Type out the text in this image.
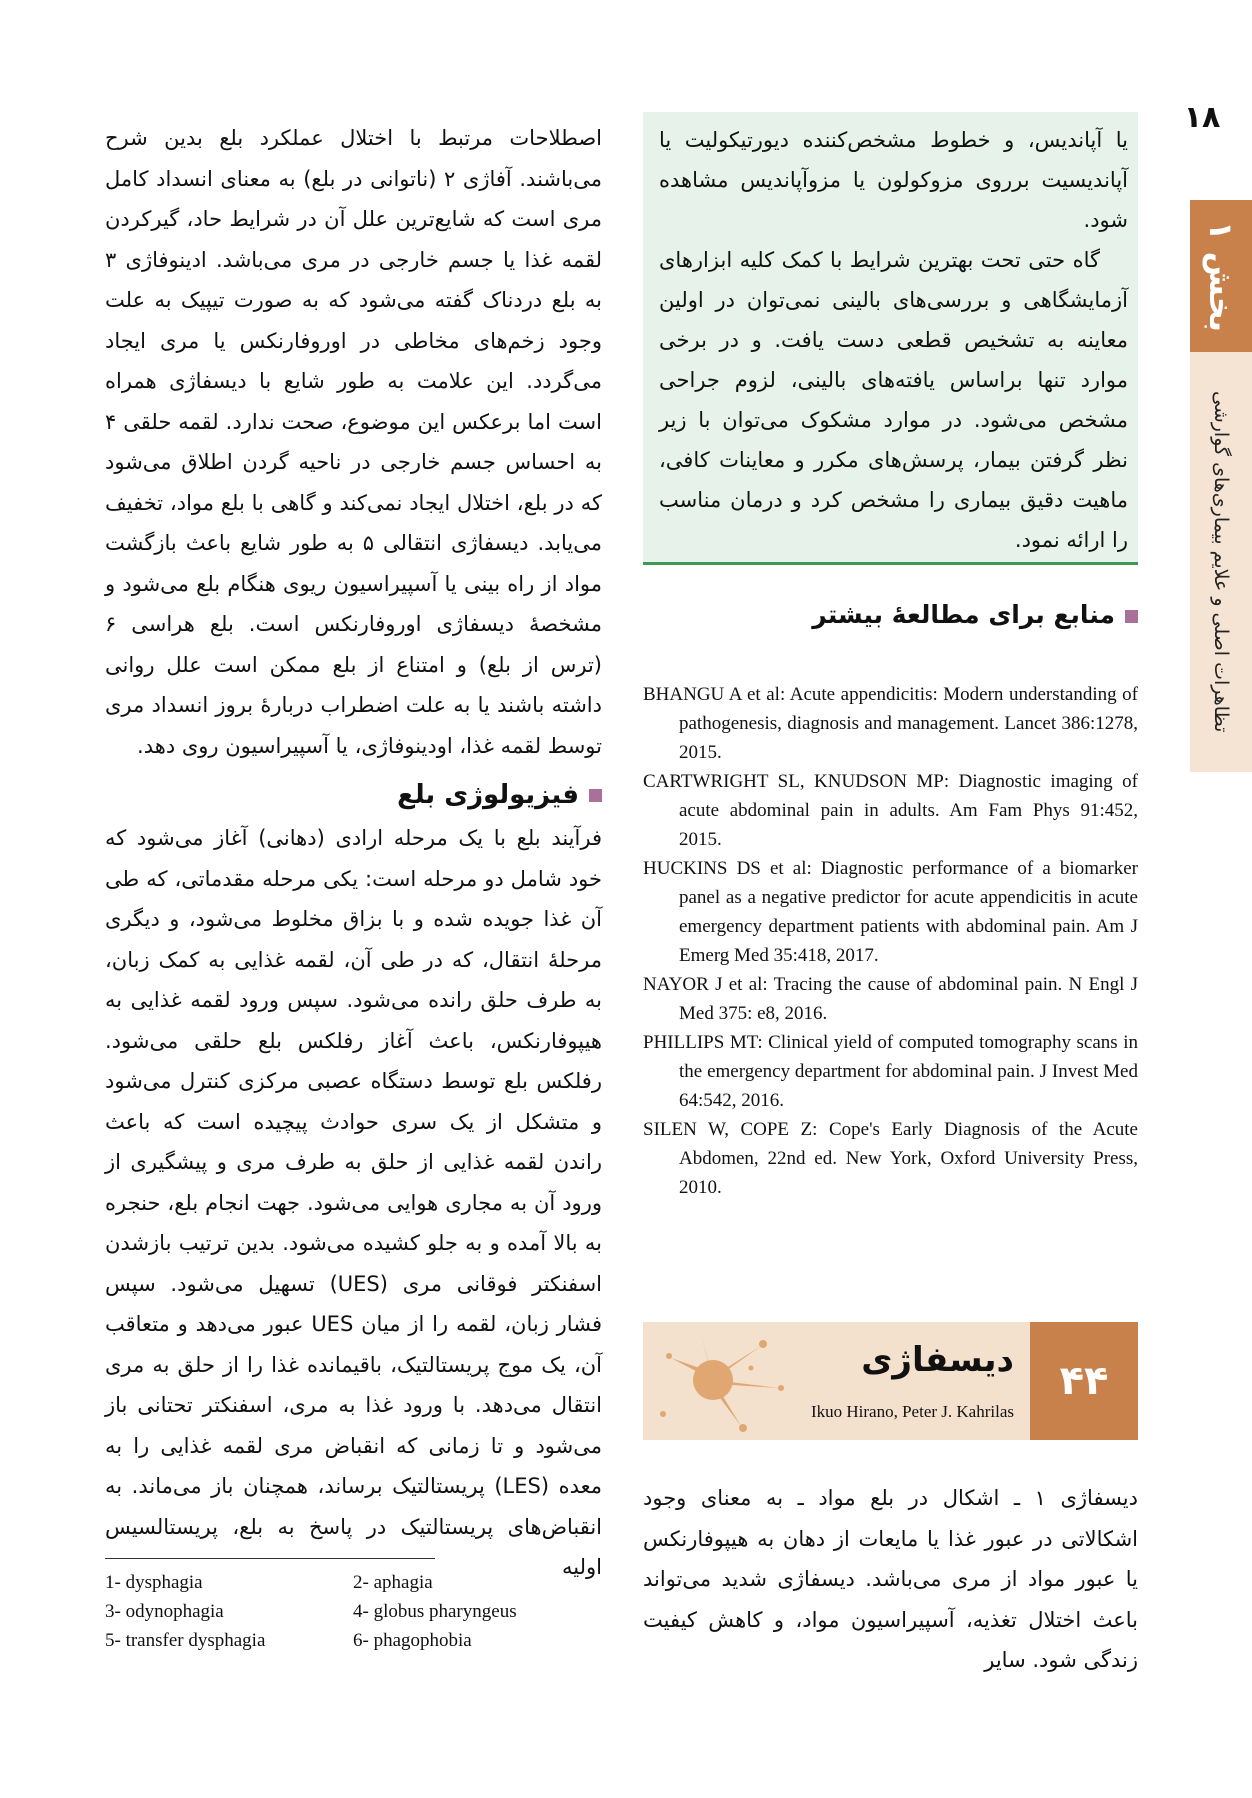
۱۸
بخش ۱
تظاهرات اصلی و علایم بیماری‌های گوارشی

یا آپاندیس، و خطوط مشخص‌کننده دیورتیکولیت یا آپاندیسیت برروی مزوکولون یا مزوآپاندیس مشاهده شود.

گاه حتی تحت بهترین شرایط با کمک کلیه ابزارهای آزمایشگاهی و بررسی‌های بالینی نمی‌توان در اولین معاینه به تشخیص قطعی دست یافت. و در برخی موارد تنها براساس یافته‌های بالینی، لزوم جراحی مشخص می‌شود. در موارد مشکوک می‌توان با زیر نظر گرفتن بیمار، پرسش‌های مکرر و معاینات کافی، ماهیت دقیق بیماری را مشخص کرد و درمان مناسب را ارائه نمود.

منابع برای مطالعهٔ بیشتر

BHANGU A et al: Acute appendicitis: Modern understanding of pathogenesis, diagnosis and management. Lancet 386:1278, 2015.

CARTWRIGHT SL, KNUDSON MP: Diagnostic imaging of acute abdominal pain in adults. Am Fam Phys 91:452, 2015.

HUCKINS DS et al: Diagnostic performance of a biomarker panel as a negative predictor for acute appendicitis in acute emergency department patients with abdominal pain. Am J Emerg Med 35:418, 2017.

NAYOR J et al: Tracing the cause of abdominal pain. N Engl J Med 375: e8, 2016.

PHILLIPS MT: Clinical yield of computed tomography scans in the emergency department for abdominal pain. J Invest Med 64:542, 2016.

SILEN W, COPE Z: Cope's Early Diagnosis of the Acute Abdomen, 22nd ed. New York, Oxford University Press, 2010.

دیسفاژی
Ikuo Hirano, Peter J. Kahrilas
۴۴

دیسفاژی ۱ ـ اشکال در بلع مواد ـ به معنای وجود اشکالاتی در عبور غذا یا مایعات از دهان به هیپوفارنکس یا عبور مواد از مری می‌باشد. دیسفاژی شدید می‌تواند باعث اختلال تغذیه، آسپیراسیون مواد، و کاهش کیفیت زندگی شود. سایر

اصطلاحات مرتبط با اختلال عملکرد بلع بدین شرح می‌باشند. آفاژی ۲ (ناتوانی در بلع) به معنای انسداد کامل مری است که شایع‌ترین علل آن در شرایط حاد، گیرکردن لقمه غذا یا جسم خارجی در مری می‌باشد. ادینوفاژی ۳ به بلع دردناک گفته می‌شود که به صورت تیپیک به علت وجود زخم‌های مخاطی در اوروفارنکس یا مری ایجاد می‌گردد. این علامت به طور شایع با دیسفاژی همراه است اما برعکس این موضوع، صحت ندارد. لقمه حلقی ۴ به احساس جسم خارجی در ناحیه گردن اطلاق می‌شود که در بلع، اختلال ایجاد نمی‌کند و گاهی با بلع مواد، تخفیف می‌یابد. دیسفاژی انتقالی ۵ به طور شایع باعث بازگشت مواد از راه بینی یا آسپیراسیون ریوی هنگام بلع می‌شود و مشخصهٔ دیسفاژی اوروفارنکس است. بلع هراسی ۶ (ترس از بلع) و امتناع از بلع ممکن است علل روانی داشته باشند یا به علت اضطراب دربارهٔ بروز انسداد مری توسط لقمه غذا، اودینوفاژی، یا آسپیراسیون روی دهد.

فیزیولوژی بلع

فرآیند بلع با یک مرحله ارادی (دهانی) آغاز می‌شود که خود شامل دو مرحله است: یکی مرحله مقدماتی، که طی آن غذا جویده شده و با بزاق مخلوط می‌شود، و دیگری مرحلهٔ انتقال، که در طی آن، لقمه غذایی به کمک زبان، به طرف حلق رانده می‌شود. سپس ورود لقمه غذایی به هیپوفارنکس، باعث آغاز رفلکس بلع حلقی می‌شود. رفلکس بلع توسط دستگاه عصبی مرکزی کنترل می‌شود و متشکل از یک سری حوادث پیچیده است که باعث راندن لقمه غذایی از حلق به طرف مری و پیشگیری از ورود آن به مجاری هوایی می‌شود. جهت انجام بلع، حنجره به بالا آمده و به جلو کشیده می‌شود. بدین ترتیب بازشدن اسفنکتر فوقانی مری (UES) تسهیل می‌شود. سپس فشار زبان، لقمه را از میان UES عبور می‌دهد و متعاقب آن، یک موج پریستالتیک، باقیمانده غذا را از حلق به مری انتقال می‌دهد. با ورود غذا به مری، اسفنکتر تحتانی باز می‌شود و تا زمانی که انقباض مری لقمه غذایی را به معده (LES) پریستالتیک برساند، همچنان باز می‌ماند. به انقباض‌های پریستالتیک در پاسخ به بلع، پریستالسیس اولیه

1- dysphagia	2- aphagia
3- odynophagia	4- globus pharyngeus
5- transfer dysphagia	6- phagophobia
